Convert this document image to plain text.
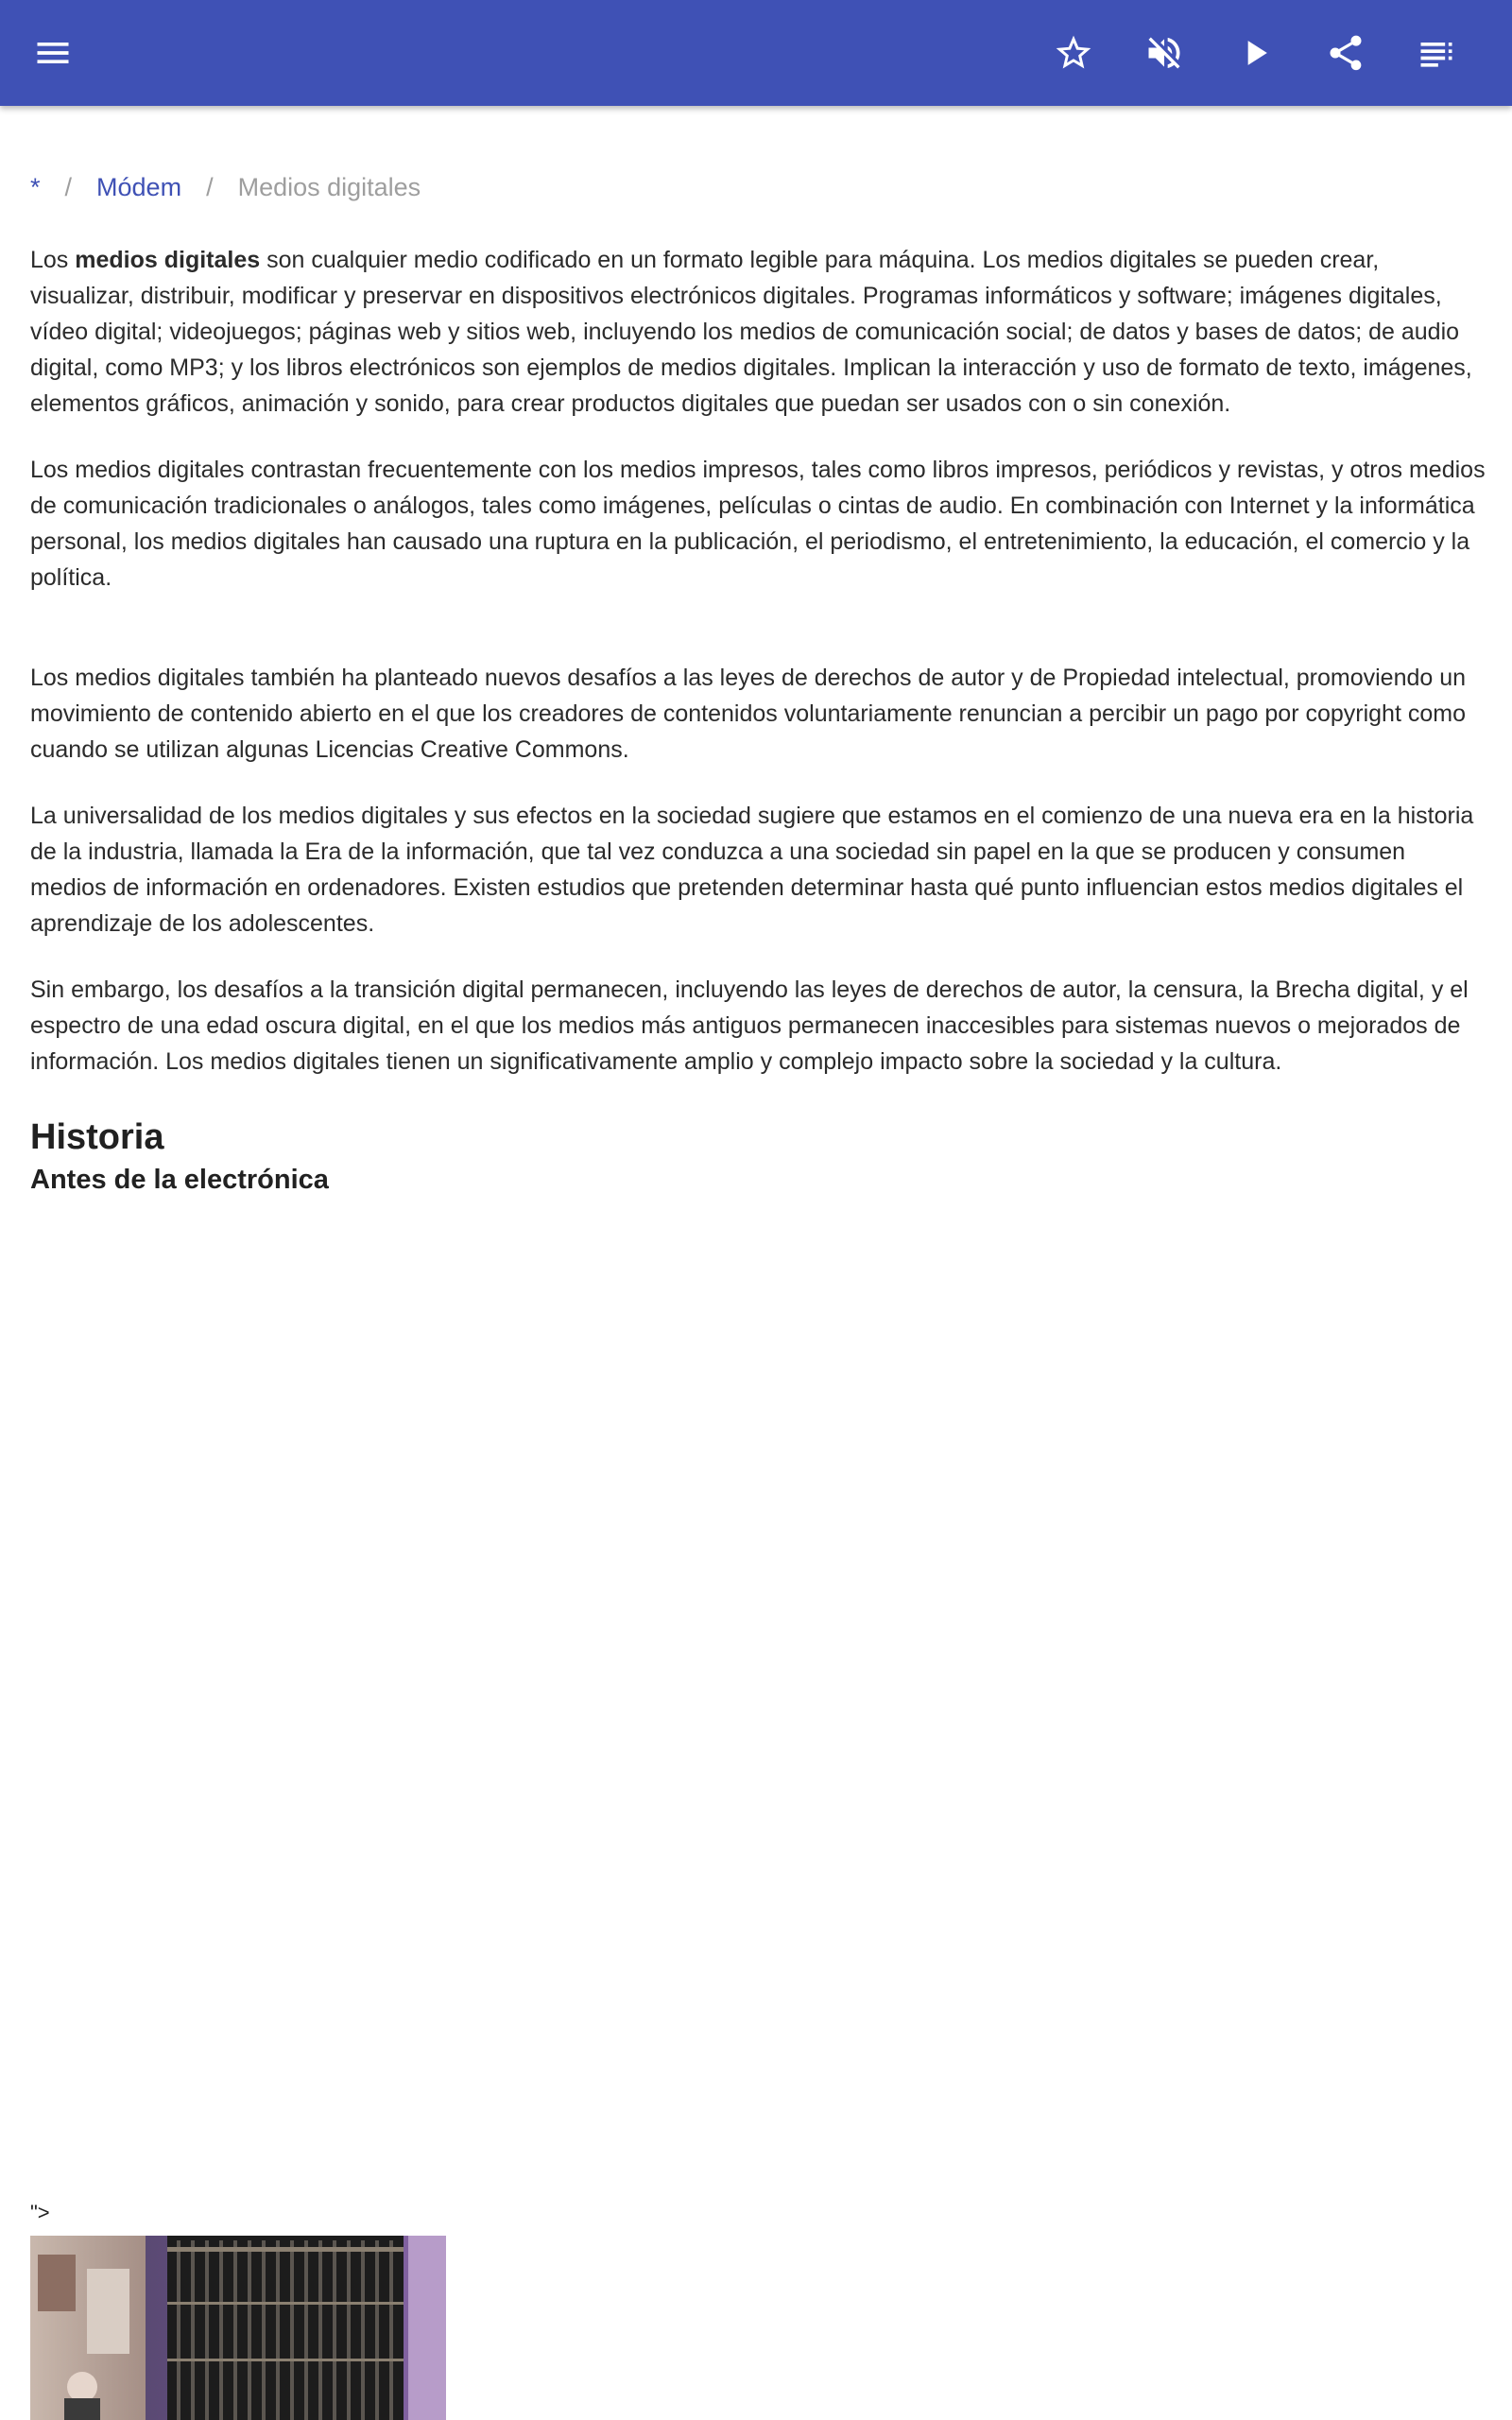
* / Módem / Medios digitales

Los medios digitales son cualquier medio codificado en un formato legible para máquina. Los medios digitales se pueden crear, visualizar, distribuir, modificar y preservar en dispositivos electrónicos digitales. Programas informáticos y software; imágenes digitales, vídeo digital; videojuegos; páginas web y sitios web, incluyendo los medios de comunicación social; de datos y bases de datos; de audio digital, como MP3; y los libros electrónicos son ejemplos de medios digitales. Implican la interacción y uso de formato de texto, imágenes, elementos gráficos, animación y sonido, para crear productos digitales que puedan ser usados con o sin conexión.

Los medios digitales contrastan frecuentemente con los medios impresos, tales como libros impresos, periódicos y revistas, y otros medios de comunicación tradicionales o análogos, tales como imágenes, películas o cintas de audio. En combinación con Internet y la informática personal, los medios digitales han causado una ruptura en la publicación, el periodismo, el entretenimiento, la educación, el comercio y la política.

Los medios digitales también ha planteado nuevos desafíos a las leyes de derechos de autor y de Propiedad intelectual, promoviendo un movimiento de contenido abierto en el que los creadores de contenidos voluntariamente renuncian a percibir un pago por copyright como cuando se utilizan algunas Licencias Creative Commons.

La universalidad de los medios digitales y sus efectos en la sociedad sugiere que estamos en el comienzo de una nueva era en la historia de la industria, llamada la Era de la información, que tal vez conduzca a una sociedad sin papel en la que se producen y consumen medios de información en ordenadores. Existen estudios que pretenden determinar hasta qué punto influencian estos medios digitales el aprendizaje de los adolescentes.

Sin embargo, los desafíos a la transición digital permanecen, incluyendo las leyes de derechos de autor, la censura, la Brecha digital, y el espectro de una edad oscura digital, en el que los medios más antiguos permanecen inaccesibles para sistemas nuevos o mejorados de información. Los medios digitales tienen un significativamente amplio y complejo impacto sobre la sociedad y la cultura.

Historia
Antes de la electrónica
">
